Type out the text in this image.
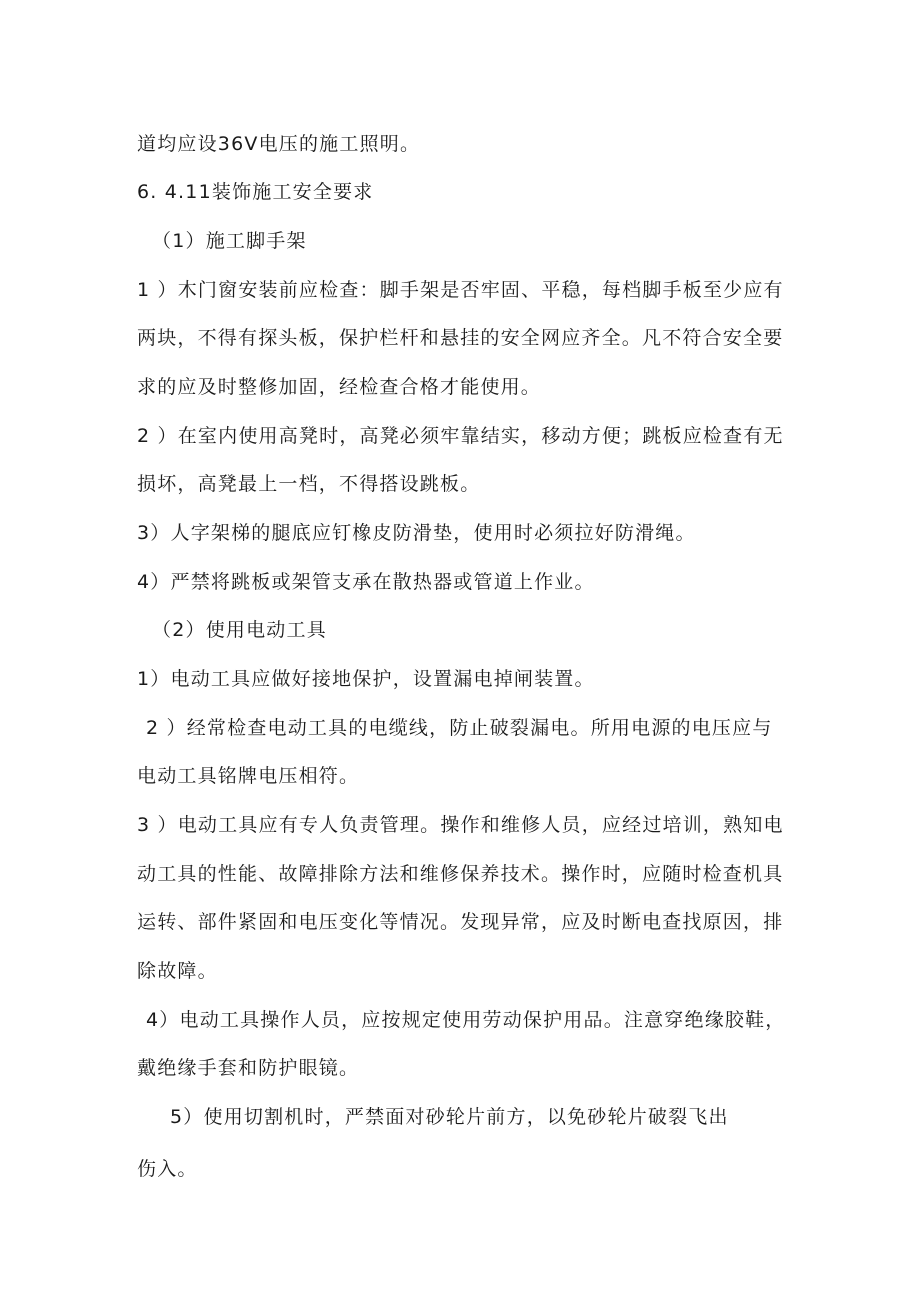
道均应设36V电压的施工照明。

6. 4.11装饰施工安全要求

（1）施工脚手架

1 ）木门窗安装前应检查：脚手架是否牢固、平稳，每档脚手板至少应有

两块，不得有探头板，保护栏杆和悬挂的安全网应齐全。凡不符合安全要

求的应及时整修加固，经检查合格才能使用。

2 ）在室内使用高凳时，高凳必须牢靠结实，移动方便；跳板应检查有无

损坏，高凳最上一档，不得搭设跳板。

3）人字架梯的腿底应钉橡皮防滑垫，使用时必须拉好防滑绳。

4）严禁将跳板或架管支承在散热器或管道上作业。

（2）使用电动工具

1）电动工具应做好接地保护，设置漏电掉闸装置。

2 ）经常检查电动工具的电缆线，防止破裂漏电。所用电源的电压应与

电动工具铭牌电压相符。

3 ）电动工具应有专人负责管理。操作和维修人员，应经过培训，熟知电

动工具的性能、故障排除方法和维修保养技术。操作时，应随时检查机具

运转、部件紧固和电压变化等情况。发现异常，应及时断电查找原因，排

除故障。

4）电动工具操作人员，应按规定使用劳动保护用品。注意穿绝缘胶鞋，

戴绝缘手套和防护眼镜。

5）使用切割机时，严禁面对砂轮片前方，以免砂轮片破裂飞出

伤入。
